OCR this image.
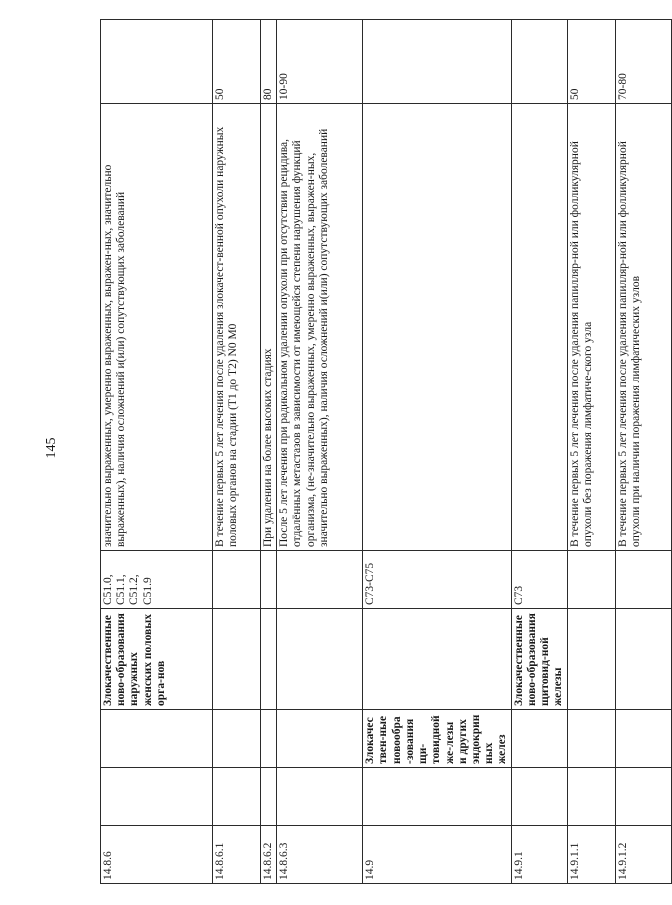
145
14.8.6			Злокачественные ново-образования наружных женских половых орга-нов	C51.0,
C51.1,
C51.2,
C51.9	значительно выраженных, умеренно выраженных, выражен-ных, значительно выраженных), наличия осложнений и(или) сопутствующих заболеваний	
14.8.6.1					В течение первых 5 лет лечения после удаления злокачест-венной опухоли наружных половых органов на стадии (T1 до T2) N0 M0	50
14.8.6.2					При удалении на более высоких стадиях	80
14.8.6.3					После 5 лет лечения при радикальном удалении опухоли при отсутствии рецидива, отдалённых метастазов в зависимости от имеющейся степени нарушения функций организма, (не-значительно выраженных, умеренно выраженных, выражен-ных, значительно выраженных), наличия осложнений и(или) сопутствующих заболеваний	10-90
14.9		Злокачествен-ные новообра-зования щи-товидной же-лезы и других эндокринных желез		C73-C75		
14.9.1			Злокачественные ново-образования щитовид-ной железы	C73		
14.9.1.1					В течение первых 5 лет лечения после удаления папилляр-ной или фолликулярной опухоли без поражения лимфатиче-ского узла	50
14.9.1.2					В течение первых 5 лет лечения после удаления папилляр-ной или фолликулярной опухоли при наличии поражения лимфатических узлов	70-80
